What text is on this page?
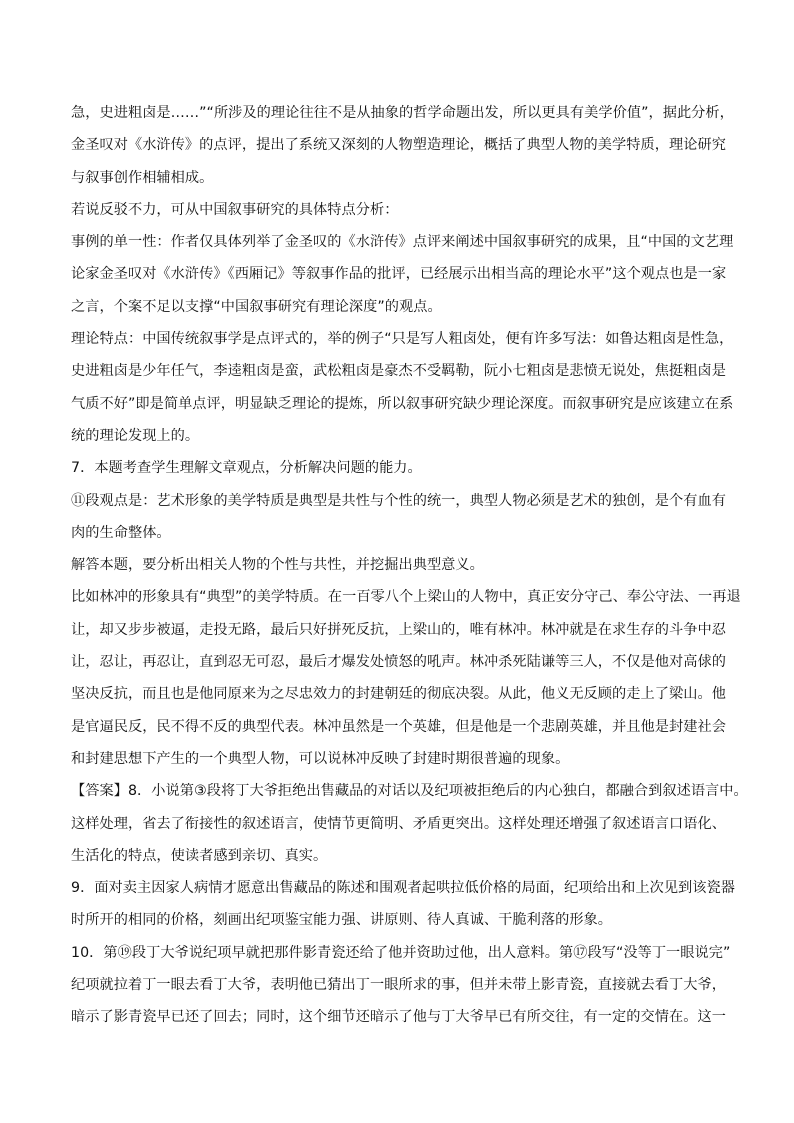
急，史进粗卤是……”“所涉及的理论往往不是从抽象的哲学命题出发，所以更具有美学价值”，据此分析，
金圣叹对《水浒传》的点评，提出了系统又深刻的人物塑造理论，概括了典型人物的美学特质，理论研究
与叙事创作相辅相成。
若说反驳不力，可从中国叙事研究的具体特点分析：
事例的单一性：作者仅具体列举了金圣叹的《水浒传》点评来阐述中国叙事研究的成果，且“中国的文艺理
论家金圣叹对《水浒传》《西厢记》等叙事作品的批评，已经展示出相当高的理论水平”这个观点也是一家
之言，个案不足以支撑“中国叙事研究有理论深度”的观点。
理论特点：中国传统叙事学是点评式的，举的例子“只是写人粗卤处，便有许多写法：如鲁达粗卤是性急，
史进粗卤是少年任气，李逵粗卤是蛮，武松粗卤是豪杰不受羁勒，阮小七粗卤是悲愤无说处，焦挺粗卤是
气质不好”即是简单点评，明显缺乏理论的提炼，所以叙事研究缺少理论深度。而叙事研究是应该建立在系
统的理论发现上的。
7．本题考查学生理解文章观点，分析解决问题的能力。
⑪段观点是：艺术形象的美学特质是典型是共性与个性的统一，典型人物必须是艺术的独创，是个有血有
肉的生命整体。
解答本题，要分析出相关人物的个性与共性，并挖掘出典型意义。
比如林冲的形象具有“典型”的美学特质。在一百零八个上梁山的人物中，真正安分守己、奉公守法、一再退
让，却又步步被逼，走投无路，最后只好拼死反抗，上梁山的，唯有林冲。林冲就是在求生存的斗争中忍
让，忍让，再忍让，直到忍无可忍，最后才爆发处愤怒的吼声。林冲杀死陆谦等三人，不仅是他对高俅的
坚决反抗，而且也是他同原来为之尽忠效力的封建朝廷的彻底决裂。从此，他义无反顾的走上了梁山。他
是官逼民反，民不得不反的典型代表。林冲虽然是一个英雄，但是他是一个悲剧英雄，并且他是封建社会
和封建思想下产生的一个典型人物，可以说林冲反映了封建时期很普遍的现象。
【答案】8．小说第③段将丁大爷拒绝出售藏品的对话以及纪项被拒绝后的内心独白，都融合到叙述语言中。
这样处理，省去了衔接性的叙述语言，使情节更简明、矛盾更突出。这样处理还增强了叙述语言口语化、
生活化的特点，使读者感到亲切、真实。
9．面对卖主因家人病情才愿意出售藏品的陈述和围观者起哄拉低价格的局面，纪项给出和上次见到该瓷器
时所开的相同的价格，刻画出纪项鉴宝能力强、讲原则、待人真诚、干脆利落的形象。
10．第⑲段丁大爷说纪项早就把那件影青瓷还给了他并资助过他，出人意料。第⑰段写“没等丁一眼说完”
纪项就拉着丁一眼去看丁大爷，表明他已猜出丁一眼所求的事，但并未带上影青瓷，直接就去看丁大爷，
暗示了影青瓷早已还了回去；同时，这个细节还暗示了他与丁大爷早已有所交往，有一定的交情在。这一
